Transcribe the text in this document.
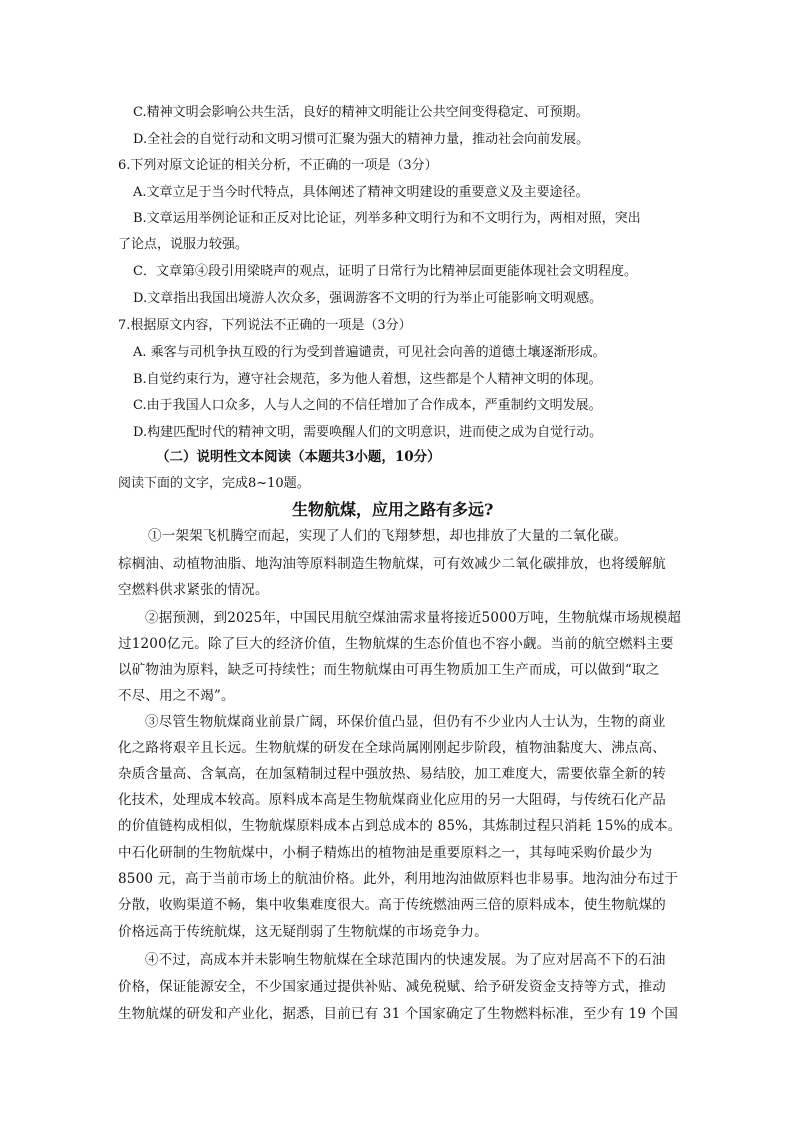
C.精神文明会影响公共生活，良好的精神文明能让公共空间变得稳定、可预期。
D.全社会的自觉行动和文明习惯可汇聚为强大的精神力量，推动社会向前发展。
6.下列对原文论证的相关分析，不正确的一项是（3分）
A.文章立足于当今时代特点，具体阐述了精神文明建设的重要意义及主要途径。
B.文章运用举例论证和正反对比论证，列举多种文明行为和不文明行为，两相对照，突出
了论点，说服力较强。
C．文章第④段引用梁晓声的观点，证明了日常行为比精神层面更能体现社会文明程度。
D.文章指出我国出境游人次众多，强调游客不文明的行为举止可能影响文明观感。
7.根据原文内容，下列说法不正确的一项是（3分）
A. 乘客与司机争执互殴的行为受到普遍谴责，可见社会向善的道德土壤逐渐形成。
B.自觉约束行为，遵守社会规范，多为他人着想，这些都是个人精神文明的体现。
C.由于我国人口众多，人与人之间的不信任增加了合作成本，严重制约文明发展。
D.构建匹配时代的精神文明，需要唤醒人们的文明意识，进而使之成为自觉行动。
（二）说明性文本阅读（本题共3小题，10分）
阅读下面的文字，完成8~10题。
生物航煤，应用之路有多远?
①一架架飞机腾空而起，实现了人们的飞翔梦想，却也排放了大量的二氧化碳。
棕榈油、动植物油脂、地沟油等原料制造生物航煤，可有效减少二氧化碳排放，也将缓解航
空燃料供求紧张的情况。
②据预测，到2025年，中国民用航空煤油需求量将接近5000万吨，生物航煤市场规模超
过1200亿元。除了巨大的经济价值，生物航煤的生态价值也不容小觑。当前的航空燃料主要
以矿物油为原料，缺乏可持续性；而生物航煤由可再生物质加工生产而成，可以做到“取之
不尽、用之不竭”。
③尽管生物航煤商业前景广阔，环保价值凸显，但仍有不少业内人士认为，生物的商业
化之路将艰辛且长远。生物航煤的研发在全球尚属刚刚起步阶段，植物油黏度大、沸点高、
杂质含量高、含氧高，在加氢精制过程中强放热、易结胶，加工难度大，需要依靠全新的转
化技术，处理成本较高。原料成本高是生物航煤商业化应用的另一大阻碍，与传统石化产品
的价值链构成相似，生物航煤原料成本占到总成本的 85%，其炼制过程只消耗 15%的成本。
中石化研制的生物航煤中，小桐子精炼出的植物油是重要原料之一，其每吨采购价最少为
8500 元，高于当前市场上的航油价格。此外，利用地沟油做原料也非易事。地沟油分布过于
分散，收购渠道不畅，集中收集难度很大。高于传统燃油两三倍的原料成本，使生物航煤的
价格远高于传统航煤，这无疑削弱了生物航煤的市场竞争力。
④不过，高成本并未影响生物航煤在全球范围内的快速发展。为了应对居高不下的石油
价格，保证能源安全，不少国家通过提供补贴、减免税赋、给予研发资金支持等方式，推动
生物航煤的研发和产业化，据悉，目前已有 31 个国家确定了生物燃料标准，至少有 19 个国
